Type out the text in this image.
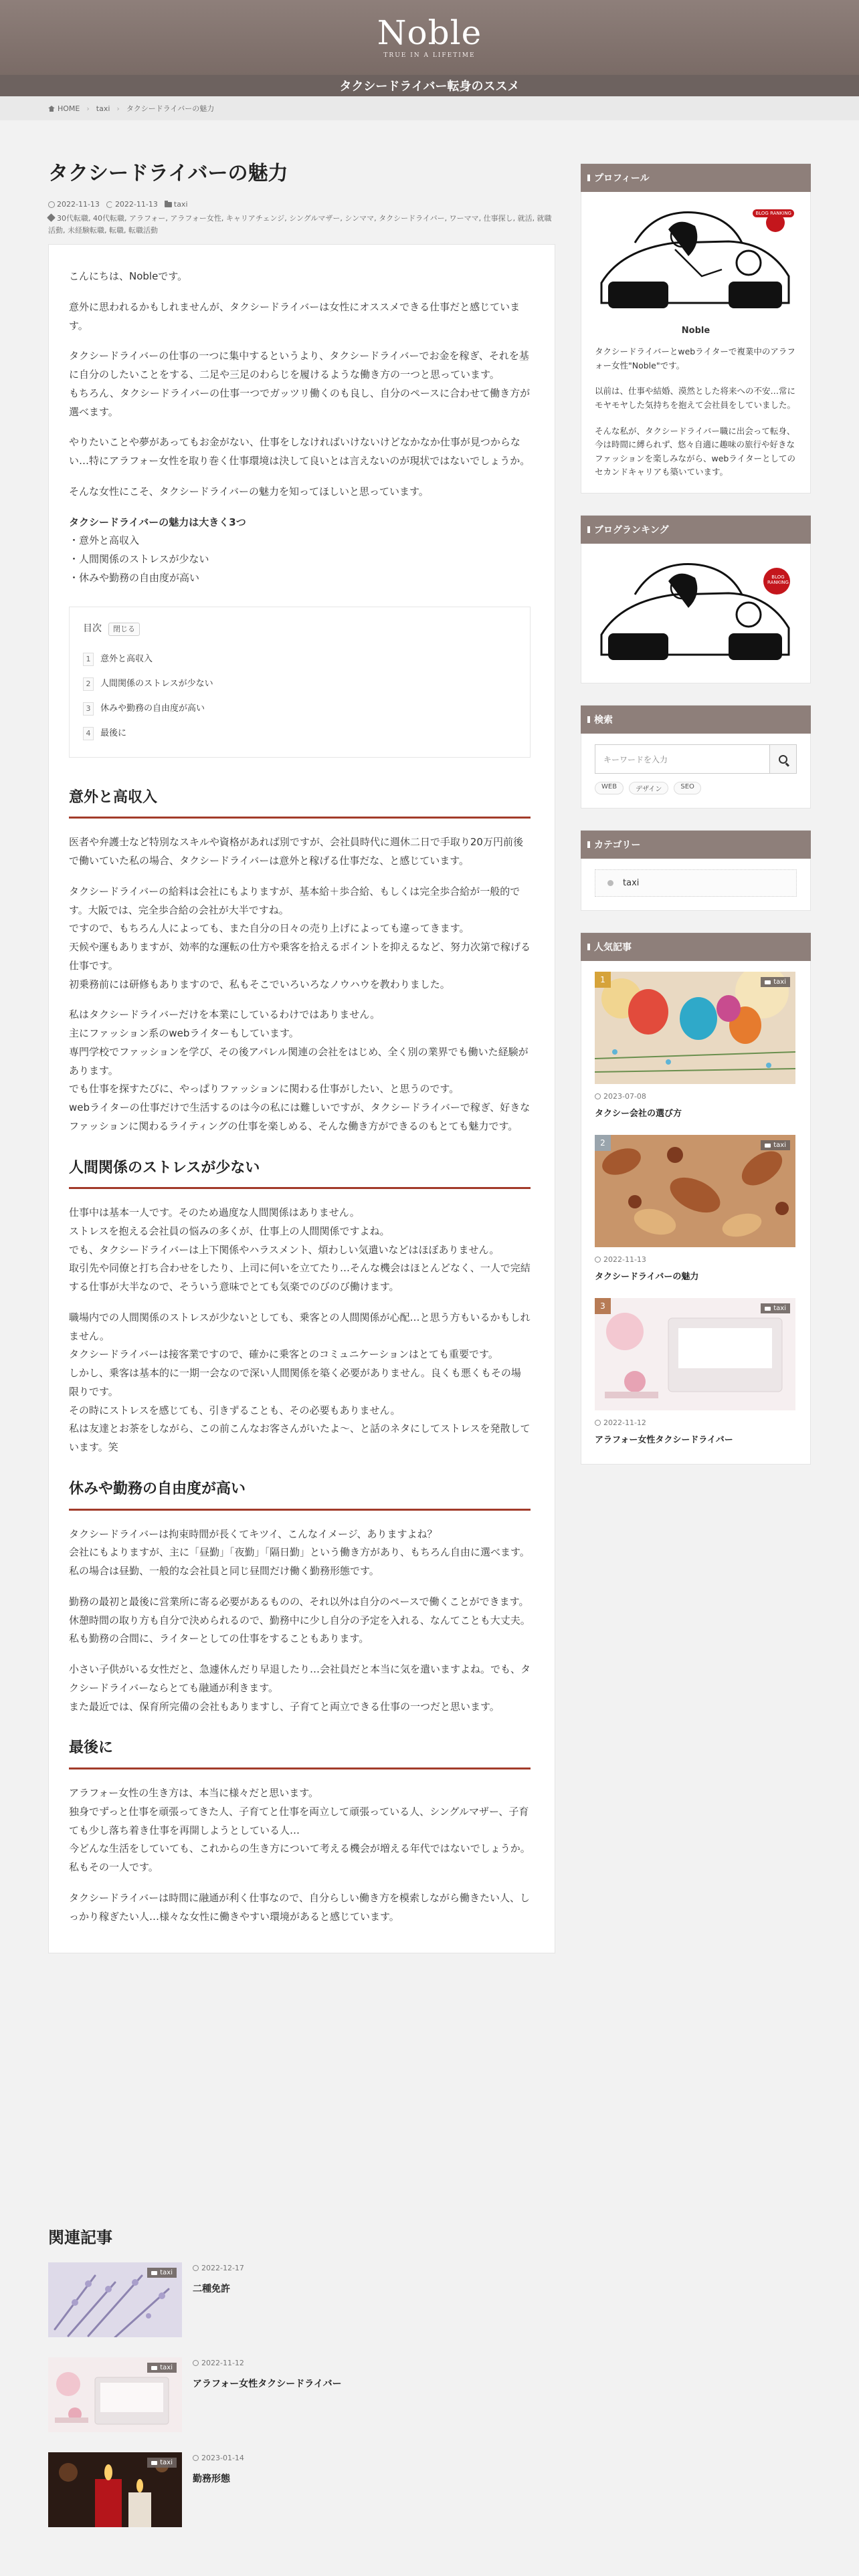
Noble
TRUE IN A LIFETIME
タクシードライバー転身のススメ
HOME › taxi › タクシードライバーの魅力
タクシードライバーの魅力
2022-11-13 2022-11-13 taxi
30代転職, 40代転職, アラフォー, アラフォー女性, キャリアチェンジ, シングルマザー, シンママ, タクシードライバー, ワーママ, 仕事探し, 就活, 就職活動, 未経験転職, 転職, 転職活動

こんにちは、Nobleです。

意外に思われるかもしれませんが、タクシードライバーは女性にオススメできる仕事だと感じています。

タクシードライバーの仕事の一つに集中するというより、タクシードライバーでお金を稼ぎ、それを基に自分のしたいことをする、二足や三足のわらじを履けるような働き方の一つと思っています。
もちろん、タクシードライバーの仕事一つでガッツリ働くのも良し、自分のペースに合わせて働き方が選べます。

やりたいことや夢があってもお金がない、仕事をしなければいけないけどなかなか仕事が見つからない…特にアラフォー女性を取り巻く仕事環境は決して良いとは言えないのが現状ではないでしょうか。

そんな女性にこそ、タクシードライバーの魅力を知ってほしいと思っています。

タクシードライバーの魅力は大きく3つ
・意外と高収入
・人間関係のストレスが少ない
・休みや勤務の自由度が高い
目次	閉じる
1	意外と高収入
2	人間関係のストレスが少ない
3	休みや勤務の自由度が高い
4	最後に
意外と高収入

医者や弁護士など特別なスキルや資格があれば別ですが、会社員時代に週休二日で手取り20万円前後で働いていた私の場合、タクシードライバーは意外と稼げる仕事だな、と感じています。

タクシードライバーの給料は会社にもよりますが、基本給＋歩合給、もしくは完全歩合給が一般的です。大阪では、完全歩合給の会社が大半ですね。
ですので、もちろん人によっても、また自分の日々の売り上げによっても違ってきます。
天候や運もありますが、効率的な運転の仕方や乗客を拾えるポイントを抑えるなど、努力次第で稼げる仕事です。
初乗務前には研修もありますので、私もそこでいろいろなノウハウを教わりました。

私はタクシードライバーだけを本業にしているわけではありません。
主にファッション系のwebライターもしています。
専門学校でファッションを学び、その後アパレル関連の会社をはじめ、全く別の業界でも働いた経験があります。
でも仕事を探すたびに、やっぱりファッションに関わる仕事がしたい、と思うのです。
webライターの仕事だけで生活するのは今の私には難しいですが、タクシードライバーで稼ぎ、好きなファッションに関わるライティングの仕事を楽しめる、そんな働き方ができるのもとても魅力です。

人間関係のストレスが少ない

仕事中は基本一人です。そのため過度な人間関係はありません。
ストレスを抱える会社員の悩みの多くが、仕事上の人間関係ですよね。
でも、タクシードライバーは上下関係やハラスメント、煩わしい気遣いなどはほぼありません。
取引先や同僚と打ち合わせをしたり、上司に何いを立てたり…そんな機会はほとんどなく、一人で完結する仕事が大半なので、そういう意味でとても気楽でのびのび働けます。

職場内での人間関係のストレスが少ないとしても、乗客との人間関係が心配…と思う方もいるかもしれません。
タクシードライバーは接客業ですので、確かに乗客とのコミュニケーションはとても重要です。
しかし、乗客は基本的に一期一会なので深い人間関係を築く必要がありません。良くも悪くもその場限りです。
その時にストレスを感じても、引きずることも、その必要もありません。
私は友達とお茶をしながら、この前こんなお客さんがいたよ～、と話のネタにしてストレスを発散しています。笑

休みや勤務の自由度が高い

タクシードライバーは拘束時間が長くてキツイ、こんなイメージ、ありますよね？
会社にもよりますが、主に「昼勤」「夜勤」「隔日勤」という働き方があり、もちろん自由に選べます。
私の場合は昼勤、一般的な会社員と同じ昼間だけ働く勤務形態です。

勤務の最初と最後に営業所に寄る必要があるものの、それ以外は自分のペースで働くことができます。
休憩時間の取り方も自分で決められるので、勤務中に少し自分の予定を入れる、なんてことも大丈夫。
私も勤務の合間に、ライターとしての仕事をすることもあります。

小さい子供がいる女性だと、急遽休んだり早退したり…会社員だと本当に気を遣いますよね。でも、タクシードライバーならとても融通が利きます。
また最近では、保育所完備の会社もありますし、子育てと両立できる仕事の一つだと思います。

最後に

アラフォー女性の生き方は、本当に様々だと思います。
独身でずっと仕事を頑張ってきた人、子育てと仕事を両立して頑張っている人、シングルマザー、子育ても少し落ち着き仕事を再開しようとしている人…
今どんな生活をしていても、これからの生き方について考える機会が増える年代ではないでしょうか。私もその一人です。

タクシードライバーは時間に融通が利く仕事なので、自分らしい働き方を模索しながら働きたい人、しっかり稼ぎたい人…様々な女性に働きやすい環境があると感じています。

関連記事
taxi
2022-12-17
二種免許
taxi
2022-11-12
アラフォー女性タクシードライバー
taxi
2023-01-14
勤務形態
プロフィール
BLOG RANKING
Noble

タクシードライバーとwebライターで複業中のアラフォー女性"Noble"です。

以前は、仕事や結婚、漠然とした将来への不安…常にモヤモヤした気持ちを抱えて会社員をしていました。

そんな私が、タクシードライバー職に出会って転身、今は時間に縛られず、悠々自適に趣味の旅行や好きなファッションを楽しみながら、webライターとしてのセカンドキャリアも築いています。

ブログランキング
BLOG RANKING
検索
キーワードを入力
WEB	デザイン	SEO
カテゴリー
taxi
人気記事
1	taxi
2023-07-08
タクシー会社の選び方
2	taxi
2022-11-13
タクシードライバーの魅力
3	taxi
2022-11-12
アラフォー女性タクシードライバー
